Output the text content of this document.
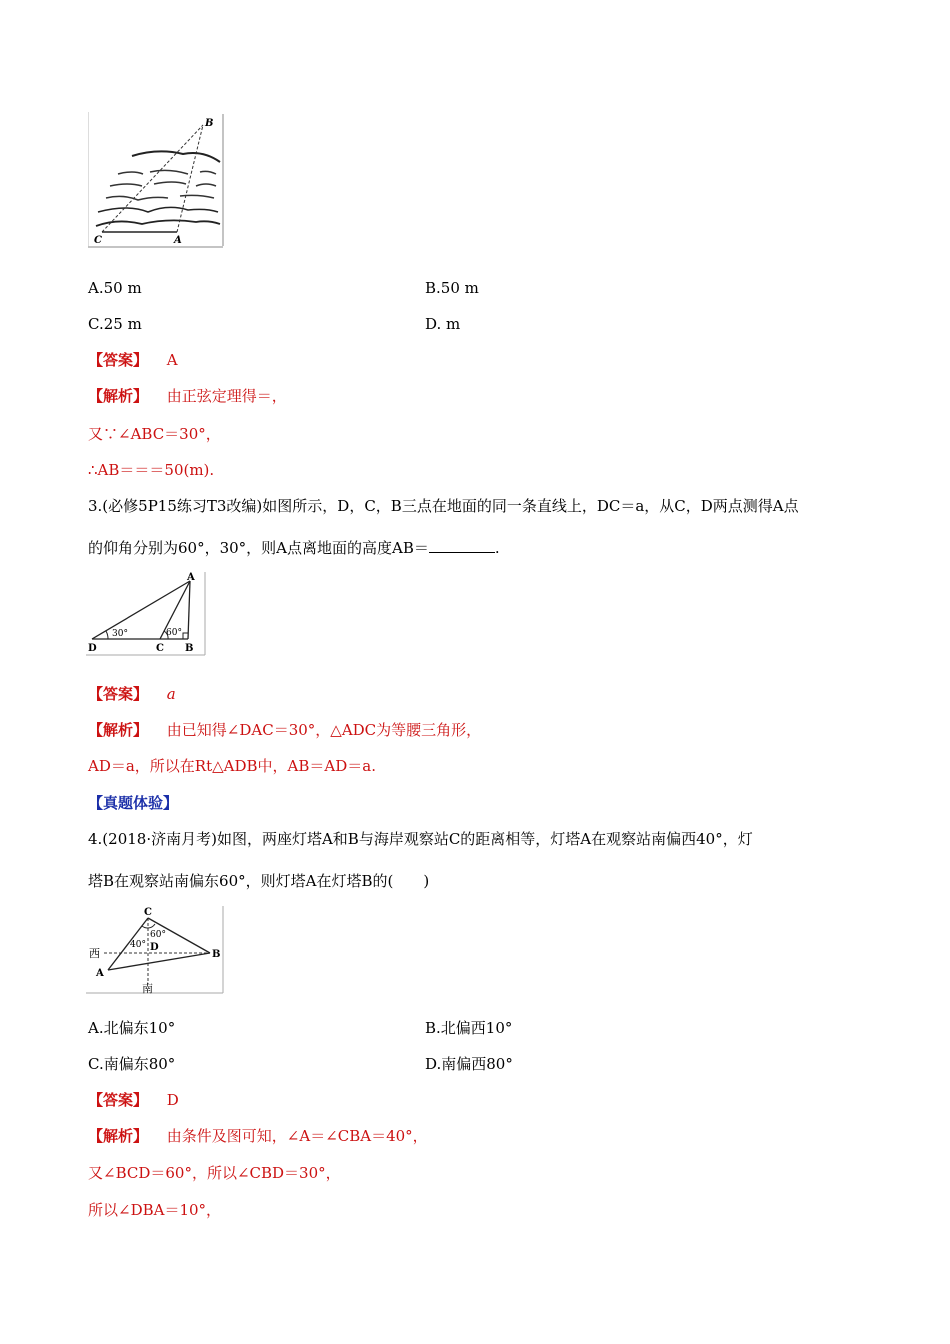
B
C	A
A.50 m	B.50 m
C.25 m	D. m
【答案】 A
【解析】 由正弦定理得＝，
又∵∠ABC＝30°，
∴AB＝＝＝50(m).
3.(必修5P15练习T3改编)如图所示，D，C，B三点在地面的同一条直线上，DC＝a，从C，D两点测得A点
的仰角分别为60°，30°，则A点离地面的高度AB＝	.
A
30°	60°
D	C B
【答案】 a
【解析】 由已知得∠DAC＝30°，△ADC为等腰三角形，
AD＝a，所以在Rt△ADB中，AB＝AD＝a.
【真题体验】
4.(2018·济南月考)如图，两座灯塔A和B与海岸观察站C的距离相等，灯塔A在观察站南偏西40°，灯
塔B在观察站南偏东60°，则灯塔A在灯塔B的(　　)
C
60°
40° D
西	B
A
南
A.北偏东10°	B.北偏西10°
C.南偏东80°	D.南偏西80°
【答案】 D
【解析】 由条件及图可知，∠A＝∠CBA＝40°，
又∠BCD＝60°，所以∠CBD＝30°，
所以∠DBA＝10°，
